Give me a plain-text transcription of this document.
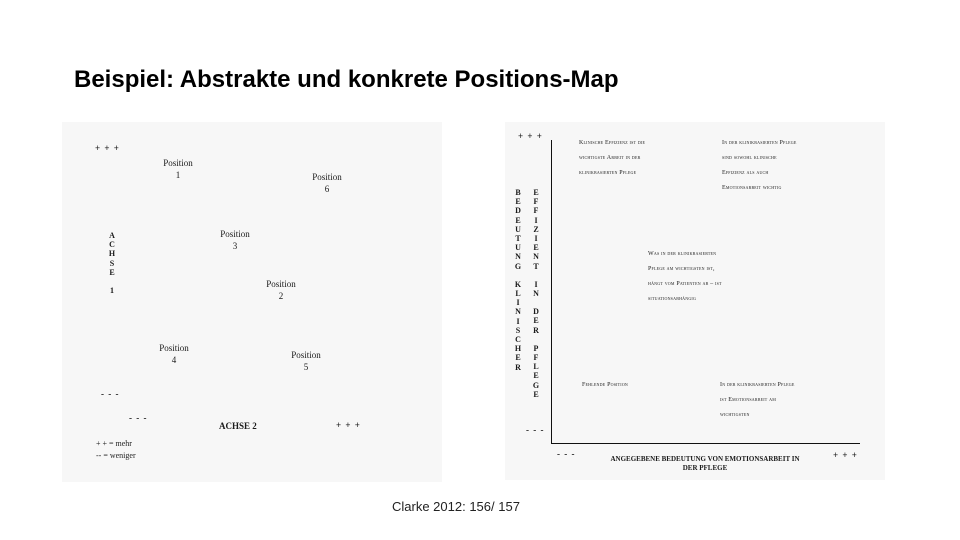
Beispiel: Abstrakte und konkrete Positions-Map
+ + +
A
C
H
S
E
1
- - -
Position
1	Position
6
Position
3
Position
2
Position
4	Position
5
- - -
ACHSE 2	+ + +
+ + = mehr
-- = weniger
+ + +
- - -
B
E
D
E
U
T
U
N
G
K
L
I
N
I
S
C
H
E
R
E
F
F
I
Z
I
E
N
T
I
N
D
E
R
P
F
L
E
G
E
Klinische Effizienz ist die
wichtigste Arbeit in der
klinikbasierten Pflege
In der klinikbasierten Pflege
sind sowohl klinische
Effizienz als auch
Emotionsarbeit wichtig
Was in der klinikbasierten
Pflege am wichtigsten ist,
hängt vom Patienten ab – ist
situationsabhängig
Fehlende Position	In der klinikbasierten Pflege
ist Emotionsarbeit am
wichtigsten
- - -	ANGEGEBENE BEDEUTUNG VON EMOTIONSARBEIT IN
DER PFLEGE
+ + +
Clarke 2012: 156/ 157
